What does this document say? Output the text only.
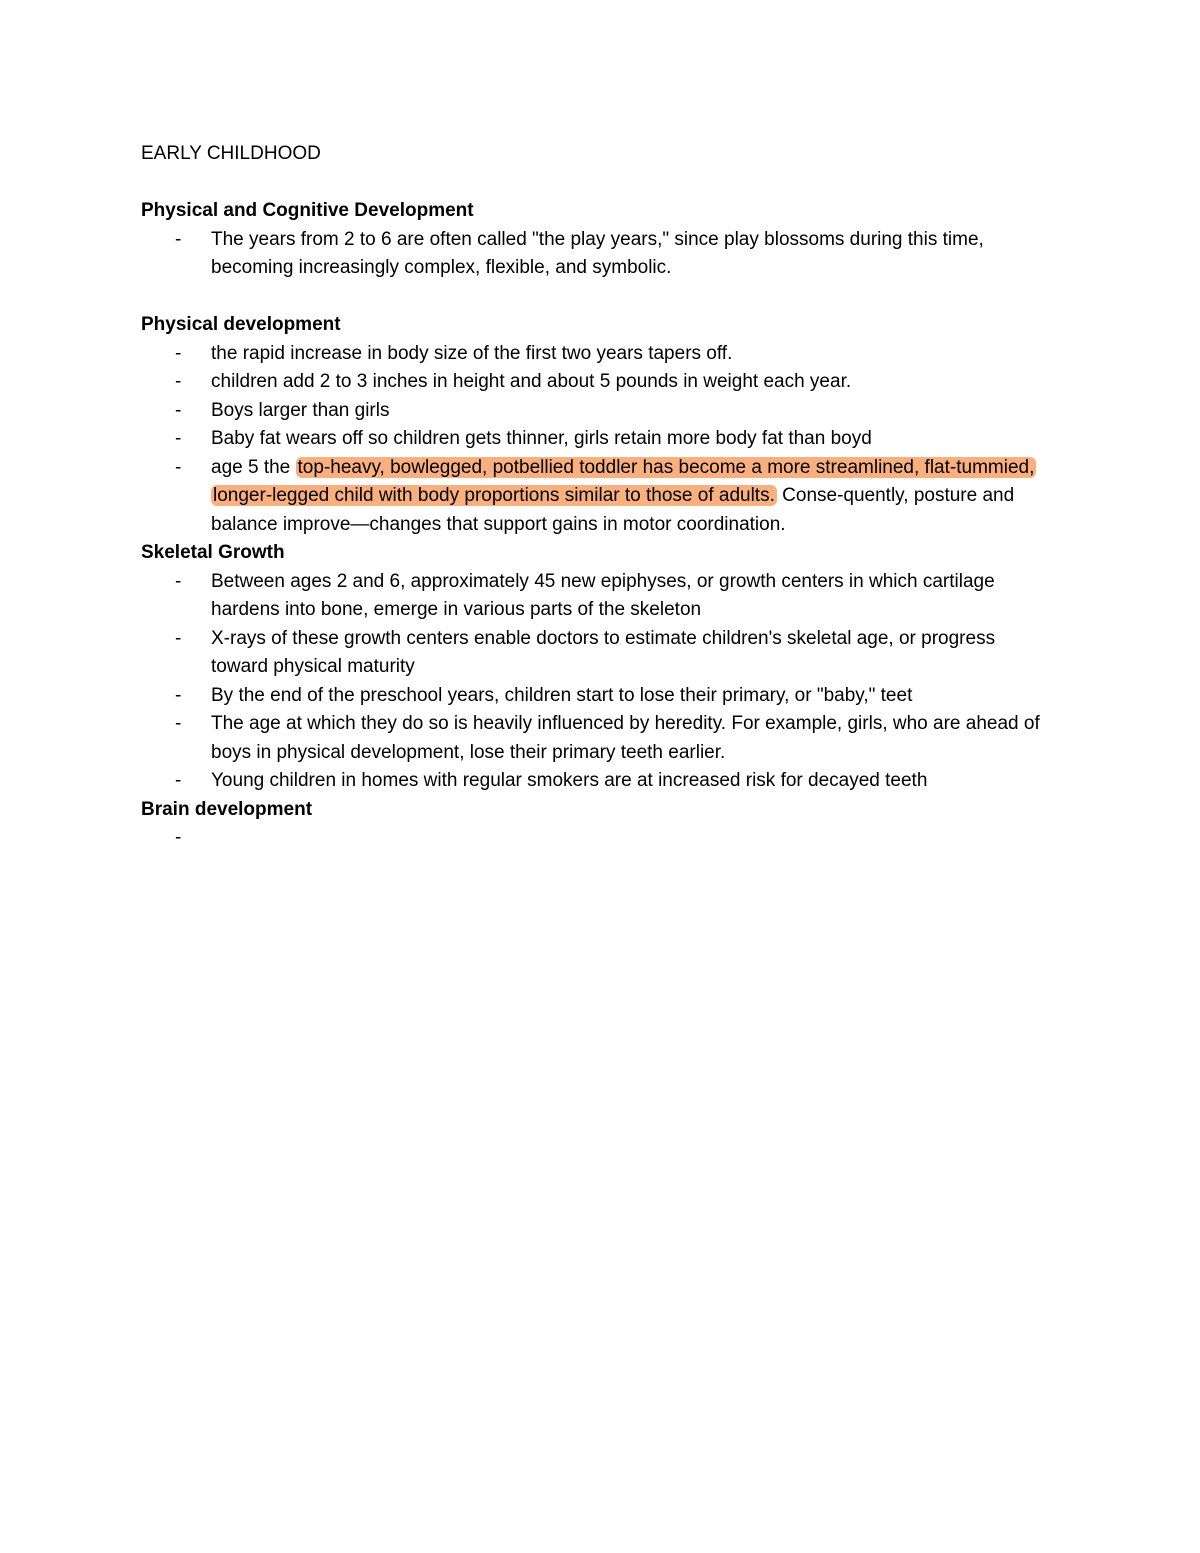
EARLY CHILDHOOD
Physical and Cognitive Development
- The years from 2 to 6 are often called "the play years," since play blossoms during this time, becoming increasingly complex, flexible, and symbolic.
Physical development
- the rapid increase in body size of the first two years tapers off.
- children add 2 to 3 inches in height and about 5 pounds in weight each year.
- Boys larger than girls
- Baby fat wears off so children gets thinner, girls retain more body fat than boyd
- age 5 the top-heavy, bowlegged, potbellied toddler has become a more streamlined, flat-tummied, longer-legged child with body proportions similar to those of adults. Conse-quently, posture and balance improve—changes that support gains in motor coordination.
Skeletal Growth
- Between ages 2 and 6, approximately 45 new epiphyses, or growth centers in which cartilage hardens into bone, emerge in various parts of the skeleton
- X-rays of these growth centers enable doctors to estimate children's skeletal age, or progress toward physical maturity
- By the end of the preschool years, children start to lose their primary, or "baby," teet
- The age at which they do so is heavily influenced by heredity. For example, girls, who are ahead of boys in physical development, lose their primary teeth earlier.
- Young children in homes with regular smokers are at increased risk for decayed teeth
Brain development
-
